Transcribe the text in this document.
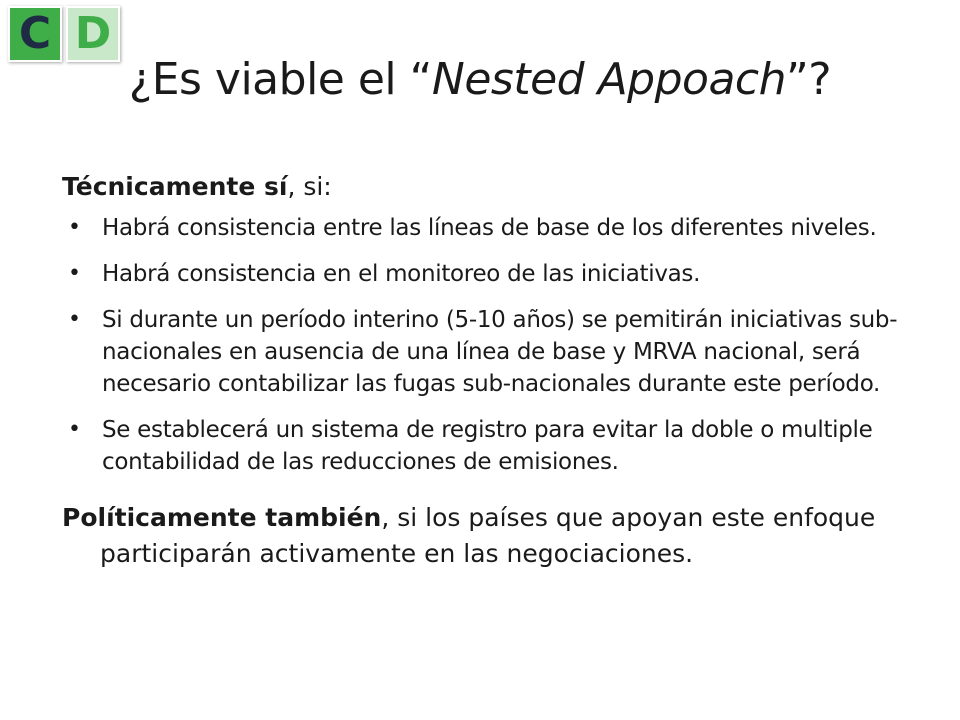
C D
¿Es viable el “Nested Appoach”?
Técnicamente sí, si:
• Habrá consistencia entre las líneas de base de los diferentes niveles.
• Habrá consistencia en el monitoreo de las iniciativas.
• Si durante un período interino (5-10 años) se pemitirán iniciativas sub-nacionales en ausencia de una línea de base y MRVA nacional, será necesario contabilizar las fugas sub-nacionales durante este período.
• Se establecerá un sistema de registro para evitar la doble o multiple contabilidad de las reducciones de emisiones.
Políticamente también, si los países que apoyan este enfoque participarán activamente en las negociaciones.
